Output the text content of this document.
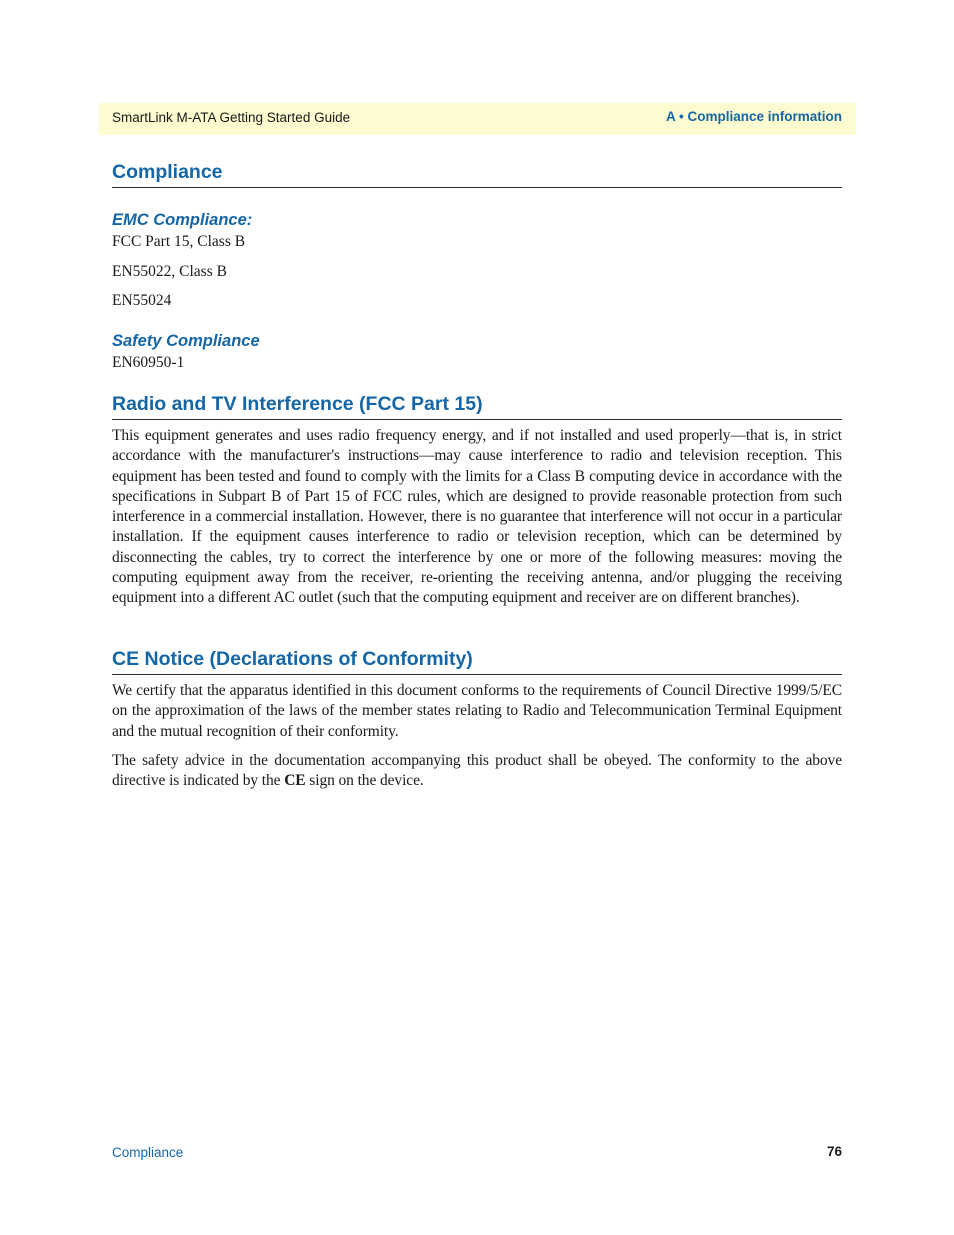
SmartLink M-ATA Getting Started Guide	A • Compliance information
Compliance
EMC Compliance:

FCC Part 15, Class B

EN55022, Class B

EN55024

Safety Compliance

EN60950-1

Radio and TV Interference (FCC Part 15)

This equipment generates and uses radio frequency energy, and if not installed and used properly—that is, in strict accordance with the manufacturer's instructions—may cause interference to radio and television reception. This equipment has been tested and found to comply with the limits for a Class B computing device in accordance with the specifications in Subpart B of Part 15 of FCC rules, which are designed to provide reasonable protection from such interference in a commercial installation. However, there is no guarantee that interference will not occur in a particular installation. If the equipment causes interference to radio or television reception, which can be determined by disconnecting the cables, try to correct the interference by one or more of the following measures: moving the computing equipment away from the receiver, re-orienting the receiving antenna, and/or plugging the receiving equipment into a different AC outlet (such that the computing equipment and receiver are on different branches).

CE Notice (Declarations of Conformity)

We certify that the apparatus identified in this document conforms to the requirements of Council Directive 1999/5/EC on the approximation of the laws of the member states relating to Radio and Telecommunication Terminal Equipment and the mutual recognition of their conformity.

The safety advice in the documentation accompanying this product shall be obeyed. The conformity to the above directive is indicated by the CE sign on the device.

Compliance	76
